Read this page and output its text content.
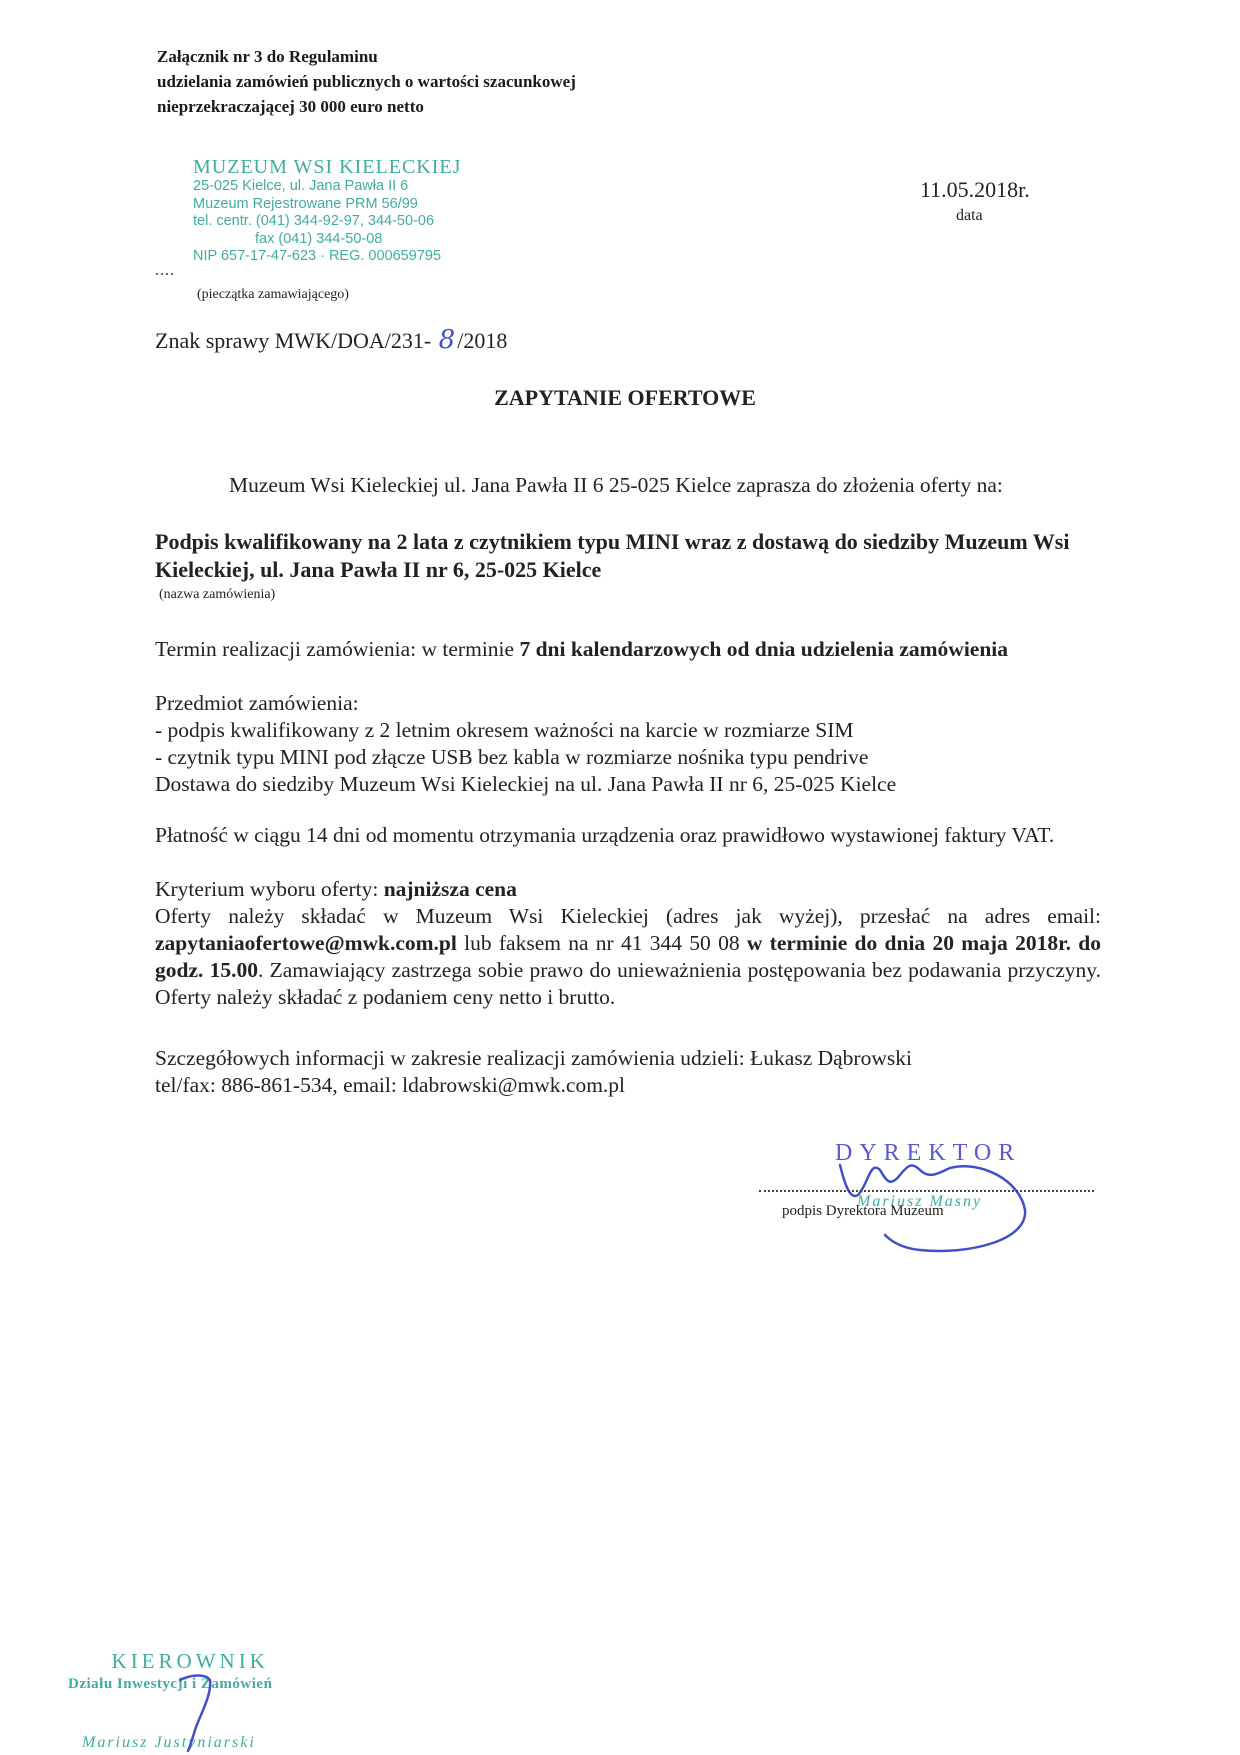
Załącznik nr 3 do Regulaminu
udzielania zamówień publicznych o wartości szacunkowej
nieprzekraczającej 30 000 euro netto
MUZEUM WSI KIELECKIEJ
25-025 Kielce, ul. Jana Pawła II 6
Muzeum Rejestrowane PRM 56/99
tel. centr. (041) 344-92-97, 344-50-06
fax (041) 344-50-08
NIP 657-17-47-623 · REG. 000659795
....
(pieczątka zamawiającego)
11.05.2018r.
data
Znak sprawy MWK/DOA/231- 8/2018
ZAPYTANIE OFERTOWE
Muzeum Wsi Kieleckiej ul. Jana Pawła II 6 25-025 Kielce zaprasza do złożenia oferty na:
Podpis kwalifikowany na 2 lata z czytnikiem typu MINI wraz z dostawą do siedziby Muzeum Wsi Kieleckiej, ul. Jana Pawła II nr 6, 25-025 Kielce
(nazwa zamówienia)
Termin realizacji zamówienia: w terminie 7 dni kalendarzowych od dnia udzielenia zamówienia
Przedmiot zamówienia:
- podpis kwalifikowany z 2 letnim okresem ważności na karcie w rozmiarze SIM
- czytnik typu MINI pod złącze USB bez kabla w rozmiarze nośnika typu pendrive
Dostawa do siedziby Muzeum Wsi Kieleckiej na ul. Jana Pawła II nr 6, 25-025 Kielce
Płatność w ciągu 14 dni od momentu otrzymania urządzenia oraz prawidłowo wystawionej faktury VAT.
Kryterium wyboru oferty: najniższa cena
Oferty należy składać w Muzeum Wsi Kieleckiej (adres jak wyżej), przesłać na adres email: zapytaniaofertowe@mwk.com.pl lub faksem na nr 41 344 50 08 w terminie do dnia 20 maja 2018r. do godz. 15.00. Zamawiający zastrzega sobie prawo do unieważnienia postępowania bez podawania przyczyny. Oferty należy składać z podaniem ceny netto i brutto.
Szczegółowych informacji w zakresie realizacji zamówienia udzieli: Łukasz Dąbrowski
tel/fax: 886-861-534, email: ldabrowski@mwk.com.pl
DYREKTOR
Mariusz Masny
podpis Dyrektora Muzeum
KIEROWNIK
Działu Inwestycji i Zamówień
Mariusz Justyniarski
